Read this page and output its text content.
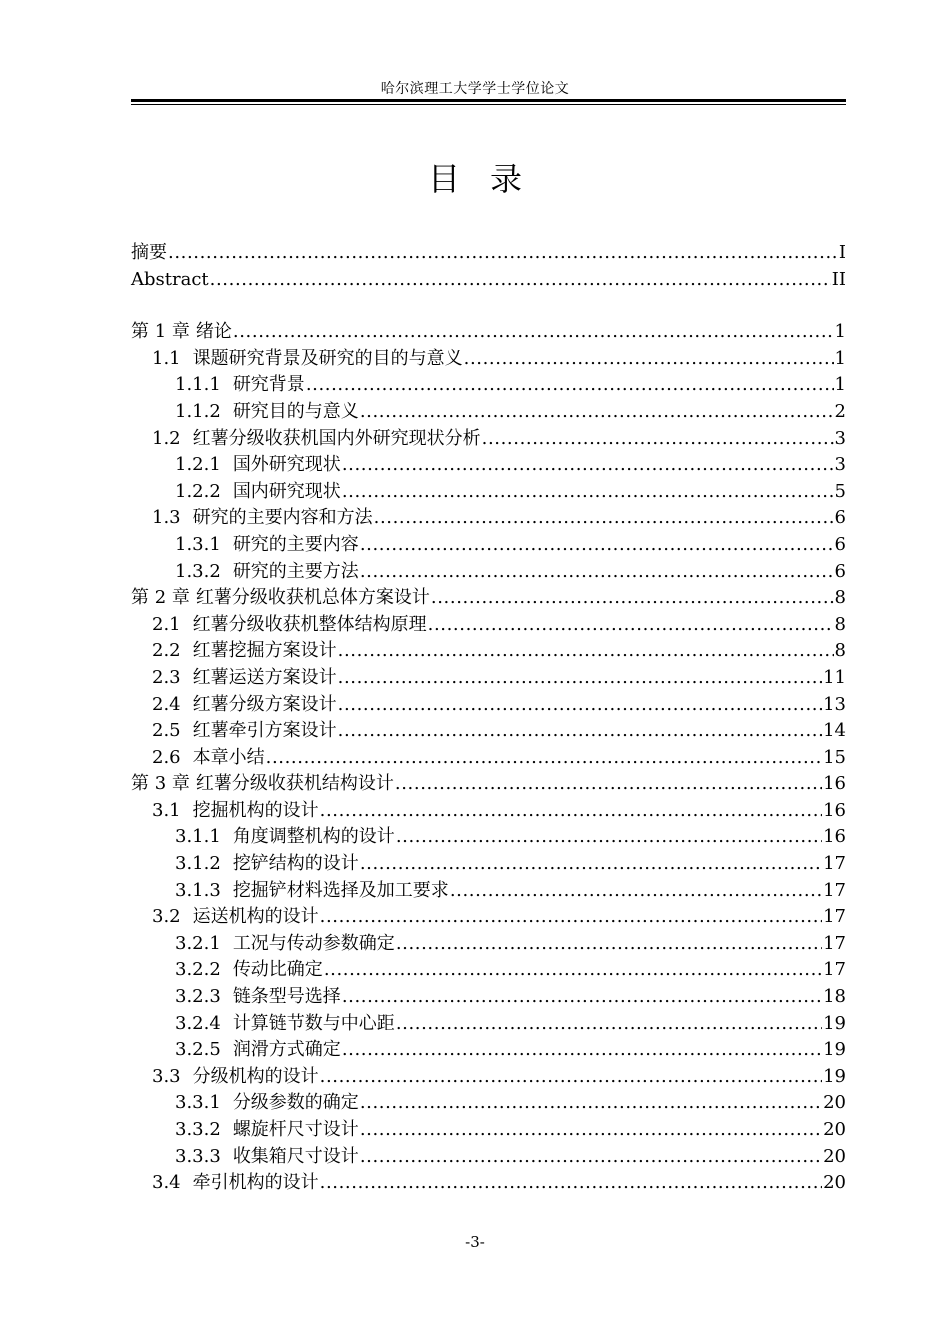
哈尔滨理工大学学士学位论文
目录
摘要 .....	I
Abstract .....	II
第 1 章 绪论 .....	1
1.1 课题研究背景及研究的目的与意义 .....	1
1.1.1 研究背景 .....	1
1.1.2 研究目的与意义 .....	2
1.2 红薯分级收获机国内外研究现状分析 .....	3
1.2.1 国外研究现状 .....	3
1.2.2 国内研究现状 .....	5
1.3 研究的主要内容和方法 .....	6
1.3.1 研究的主要内容 .....	6
1.3.2 研究的主要方法 .....	6
第 2 章 红薯分级收获机总体方案设计 .....	8
2.1 红薯分级收获机整体结构原理 .....	8
2.2 红薯挖掘方案设计 .....	8
2.3 红薯运送方案设计 .....	11
2.4 红薯分级方案设计 .....	13
2.5 红薯牵引方案设计 .....	14
2.6 本章小结 .....	15
第 3 章 红薯分级收获机结构设计 .....	16
3.1 挖掘机构的设计 .....	16
3.1.1 角度调整机构的设计 .....	16
3.1.2 挖铲结构的设计 .....	17
3.1.3 挖掘铲材料选择及加工要求 .....	17
3.2 运送机构的设计 .....	17
3.2.1 工况与传动参数确定 .....	17
3.2.2 传动比确定 .....	17
3.2.3 链条型号选择 .....	18
3.2.4 计算链节数与中心距 .....	19
3.2.5 润滑方式确定 .....	19
3.3 分级机构的设计 .....	19
3.3.1 分级参数的确定 .....	20
3.3.2 螺旋杆尺寸设计 .....	20
3.3.3 收集箱尺寸设计 .....	20
3.4 牵引机构的设计 .....	20
-3-
